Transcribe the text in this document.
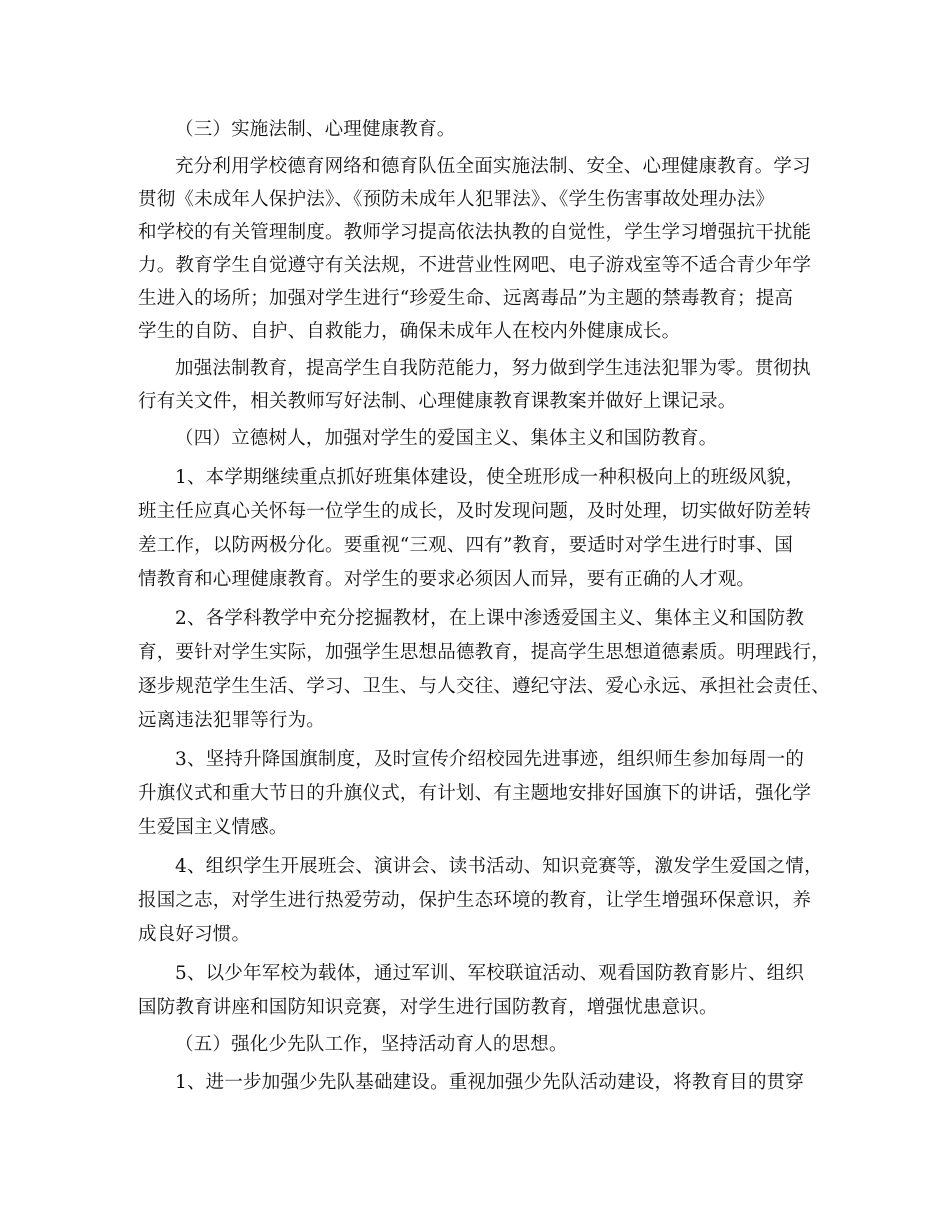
（三）实施法制、心理健康教育。
充分利用学校德育网络和德育队伍全面实施法制、安全、心理健康教育。学习
贯彻《未成年人保护法》、《预防未成年人犯罪法》、《学生伤害事故处理办法》
和学校的有关管理制度。教师学习提高依法执教的自觉性，学生学习增强抗干扰能
力。教育学生自觉遵守有关法规，不进营业性网吧、电子游戏室等不适合青少年学
生进入的场所；加强对学生进行“珍爱生命、远离毒品”为主题的禁毒教育；提高
学生的自防、自护、自救能力，确保未成年人在校内外健康成长。
加强法制教育，提高学生自我防范能力，努力做到学生违法犯罪为零。贯彻执
行有关文件，相关教师写好法制、心理健康教育课教案并做好上课记录。
（四）立德树人，加强对学生的爱国主义、集体主义和国防教育。
1、本学期继续重点抓好班集体建设，使全班形成一种积极向上的班级风貌，
班主任应真心关怀每一位学生的成长，及时发现问题，及时处理，切实做好防差转
差工作，以防两极分化。要重视“三观、四有”教育，要适时对学生进行时事、国
情教育和心理健康教育。对学生的要求必须因人而异，要有正确的人才观。
2、各学科教学中充分挖掘教材，在上课中渗透爱国主义、集体主义和国防教
育，要针对学生实际，加强学生思想品德教育，提高学生思想道德素质。明理践行，
逐步规范学生生活、学习、卫生、与人交往、遵纪守法、爱心永远、承担社会责任、
远离违法犯罪等行为。
3、坚持升降国旗制度，及时宣传介绍校园先进事迹，组织师生参加每周一的
升旗仪式和重大节日的升旗仪式，有计划、有主题地安排好国旗下的讲话，强化学
生爱国主义情感。
4、组织学生开展班会、演讲会、读书活动、知识竞赛等，激发学生爱国之情，
报国之志，对学生进行热爱劳动，保护生态环境的教育，让学生增强环保意识，养
成良好习惯。
5、以少年军校为载体，通过军训、军校联谊活动、观看国防教育影片、组织
国防教育讲座和国防知识竞赛，对学生进行国防教育，增强忧患意识。
（五）强化少先队工作，坚持活动育人的思想。
1、进一步加强少先队基础建设。重视加强少先队活动建设，将教育目的贯穿
